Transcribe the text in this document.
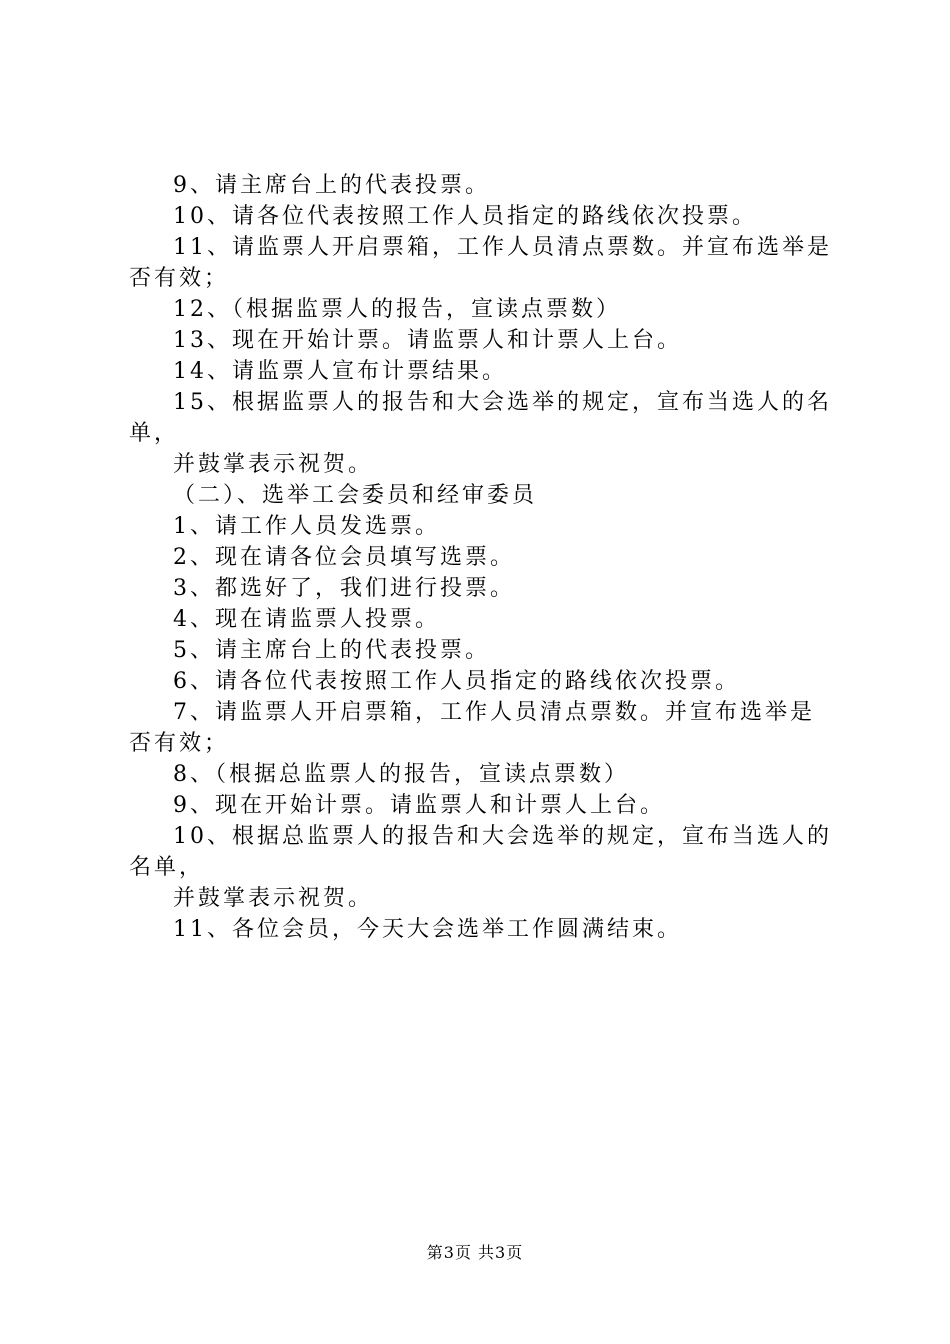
9、请主席台上的代表投票。

10、请各位代表按照工作人员指定的路线依次投票。

11、请监票人开启票箱，工作人员清点票数。并宣布选举是否有效；

12、（根据监票人的报告，宣读点票数）

13、现在开始计票。请监票人和计票人上台。

14、请监票人宣布计票结果。

15、根据监票人的报告和大会选举的规定，宣布当选人的名单，

并鼓掌表示祝贺。

（二）、选举工会委员和经审委员

1、请工作人员发选票。

2、现在请各位会员填写选票。

3、都选好了，我们进行投票。

4、现在请监票人投票。

5、请主席台上的代表投票。

6、请各位代表按照工作人员指定的路线依次投票。

7、请监票人开启票箱，工作人员清点票数。并宣布选举是否有效；

8、（根据总监票人的报告，宣读点票数）

9、现在开始计票。请监票人和计票人上台。

10、根据总监票人的报告和大会选举的规定，宣布当选人的名单，

并鼓掌表示祝贺。

11、各位会员，今天大会选举工作圆满结束。

第3页 共3页
